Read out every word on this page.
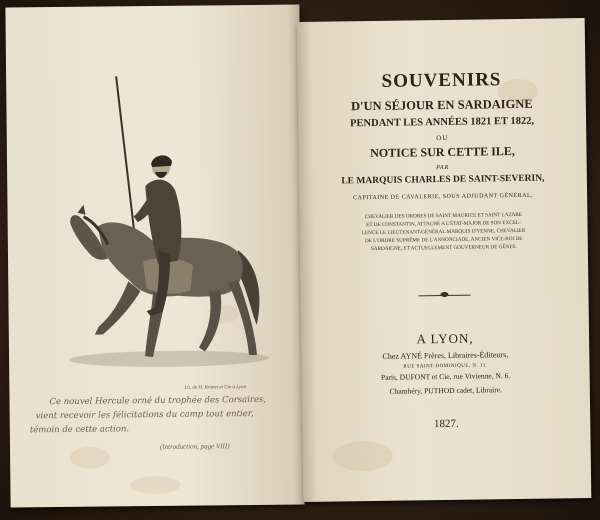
Lit. de H. Brunet et Cie à Lyon
Ce nouvel Hercule orné du trophée des Corsaires,
vient recevoir les félicitations du camp tout entier,
témoin de cette action.
(Introduction, page VIII)
SOUVENIRS
D'UN SÉJOUR EN SARDAIGNE
PENDANT LES ANNÉES 1821 ET 1822,
OU
NOTICE SUR CETTE ILE,
PAR
LE MARQUIS CHARLES DE SAINT-SEVERIN,
CAPITAINE DE CAVALERIE, SOUS ADJUDANT GÉNÉRAL,
CHEVALIER DES ORDRES DE SAINT MAURICE ET SAINT LAZARE
ET DE CONSTANTIN, ATTACHÉ A L'ÉTAT-MAJOR DE SON EXCEL-
LENCE LE LIEUTENANT-GÉNÉRAL MARQUIS D'YENNE, CHEVALIER
DE L'ORDRE SUPRÊME DE L'ANNONCIADE, ANCIEN VICE-ROI DE
SARDAIGNE, ET ACTUELLEMENT GOUVERNEUR DE GÊNES.
A LYON,
Chez AYNÉ Frères, Libraires-Éditeurs,
RUE SAINT-DOMINIQUE, N. 11.
Paris, DUFONT et Cie, rue Vivienne, N. 6.
Chambéry, PUTHOD cadet, Libraire.
1827.
